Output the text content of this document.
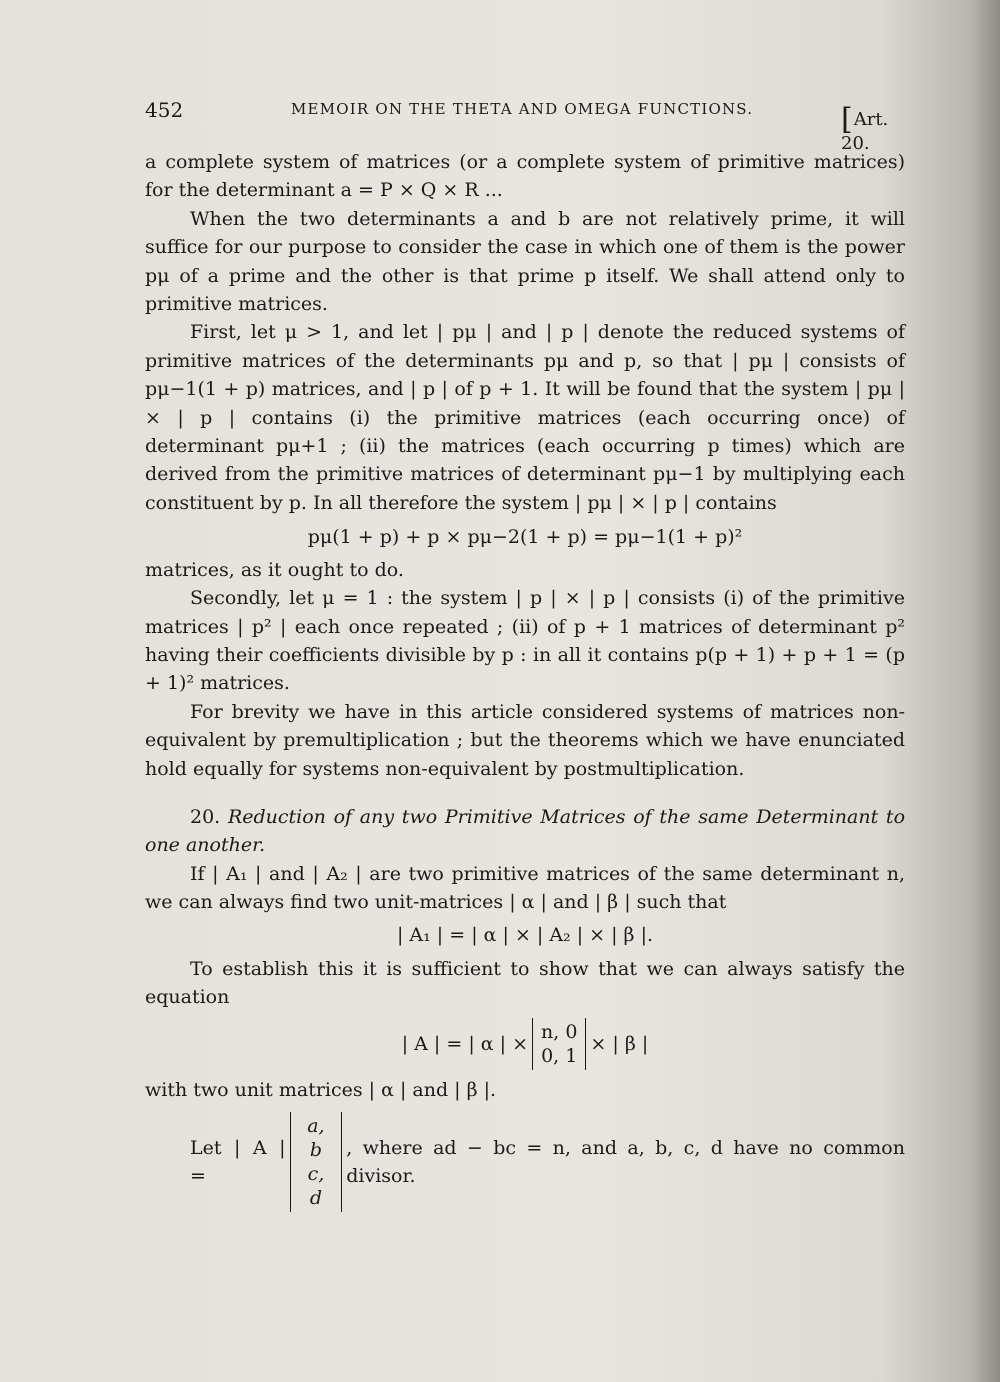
452	MEMOIR ON THE THETA AND OMEGA FUNCTIONS.	[Art. 20.

a complete system of matrices (or a complete system of primitive matrices) for the determinant a = P × Q × R ...

When the two determinants a and b are not relatively prime, it will suffice for our purpose to consider the case in which one of them is the power pμ of a prime and the other is that prime p itself. We shall attend only to primitive matrices.

First, let μ > 1, and let | pμ | and | p | denote the reduced systems of primitive matrices of the determinants pμ and p, so that | pμ | consists of pμ−1(1 + p) matrices, and | p | of p + 1. It will be found that the system | pμ | × | p | contains (i) the primitive matrices (each occurring once) of determinant pμ+1 ; (ii) the matrices (each occurring p times) which are derived from the primitive matrices of determinant pμ−1 by multiplying each constituent by p. In all therefore the system | pμ | × | p | contains

pμ(1 + p) + p × pμ−2(1 + p) = pμ−1(1 + p)²

matrices, as it ought to do.

Secondly, let μ = 1 : the system | p | × | p | consists (i) of the primitive matrices | p² | each once repeated ; (ii) of p + 1 matrices of determinant p² having their coefficients divisible by p : in all it contains p(p + 1) + p + 1 = (p + 1)² matrices.

For brevity we have in this article considered systems of matrices non-equivalent by premultiplication ; but the theorems which we have enunciated hold equally for systems non-equivalent by postmultiplication.

20. Reduction of any two Primitive Matrices of the same Determinant to one another.

If | A₁ | and | A₂ | are two primitive matrices of the same determinant n, we can always find two unit-matrices | α | and | β | such that

| A₁ | = | α | × | A₂ | × | β |.

To establish this it is sufficient to show that we can always satisfy the equation

| A | = | α | ×
n, 0
0, 1
× | β |

with two unit matrices | α | and | β |.

Let | A | =
a, b
c, d
, where ad − bc = n, and a, b, c, d have no common divisor.
